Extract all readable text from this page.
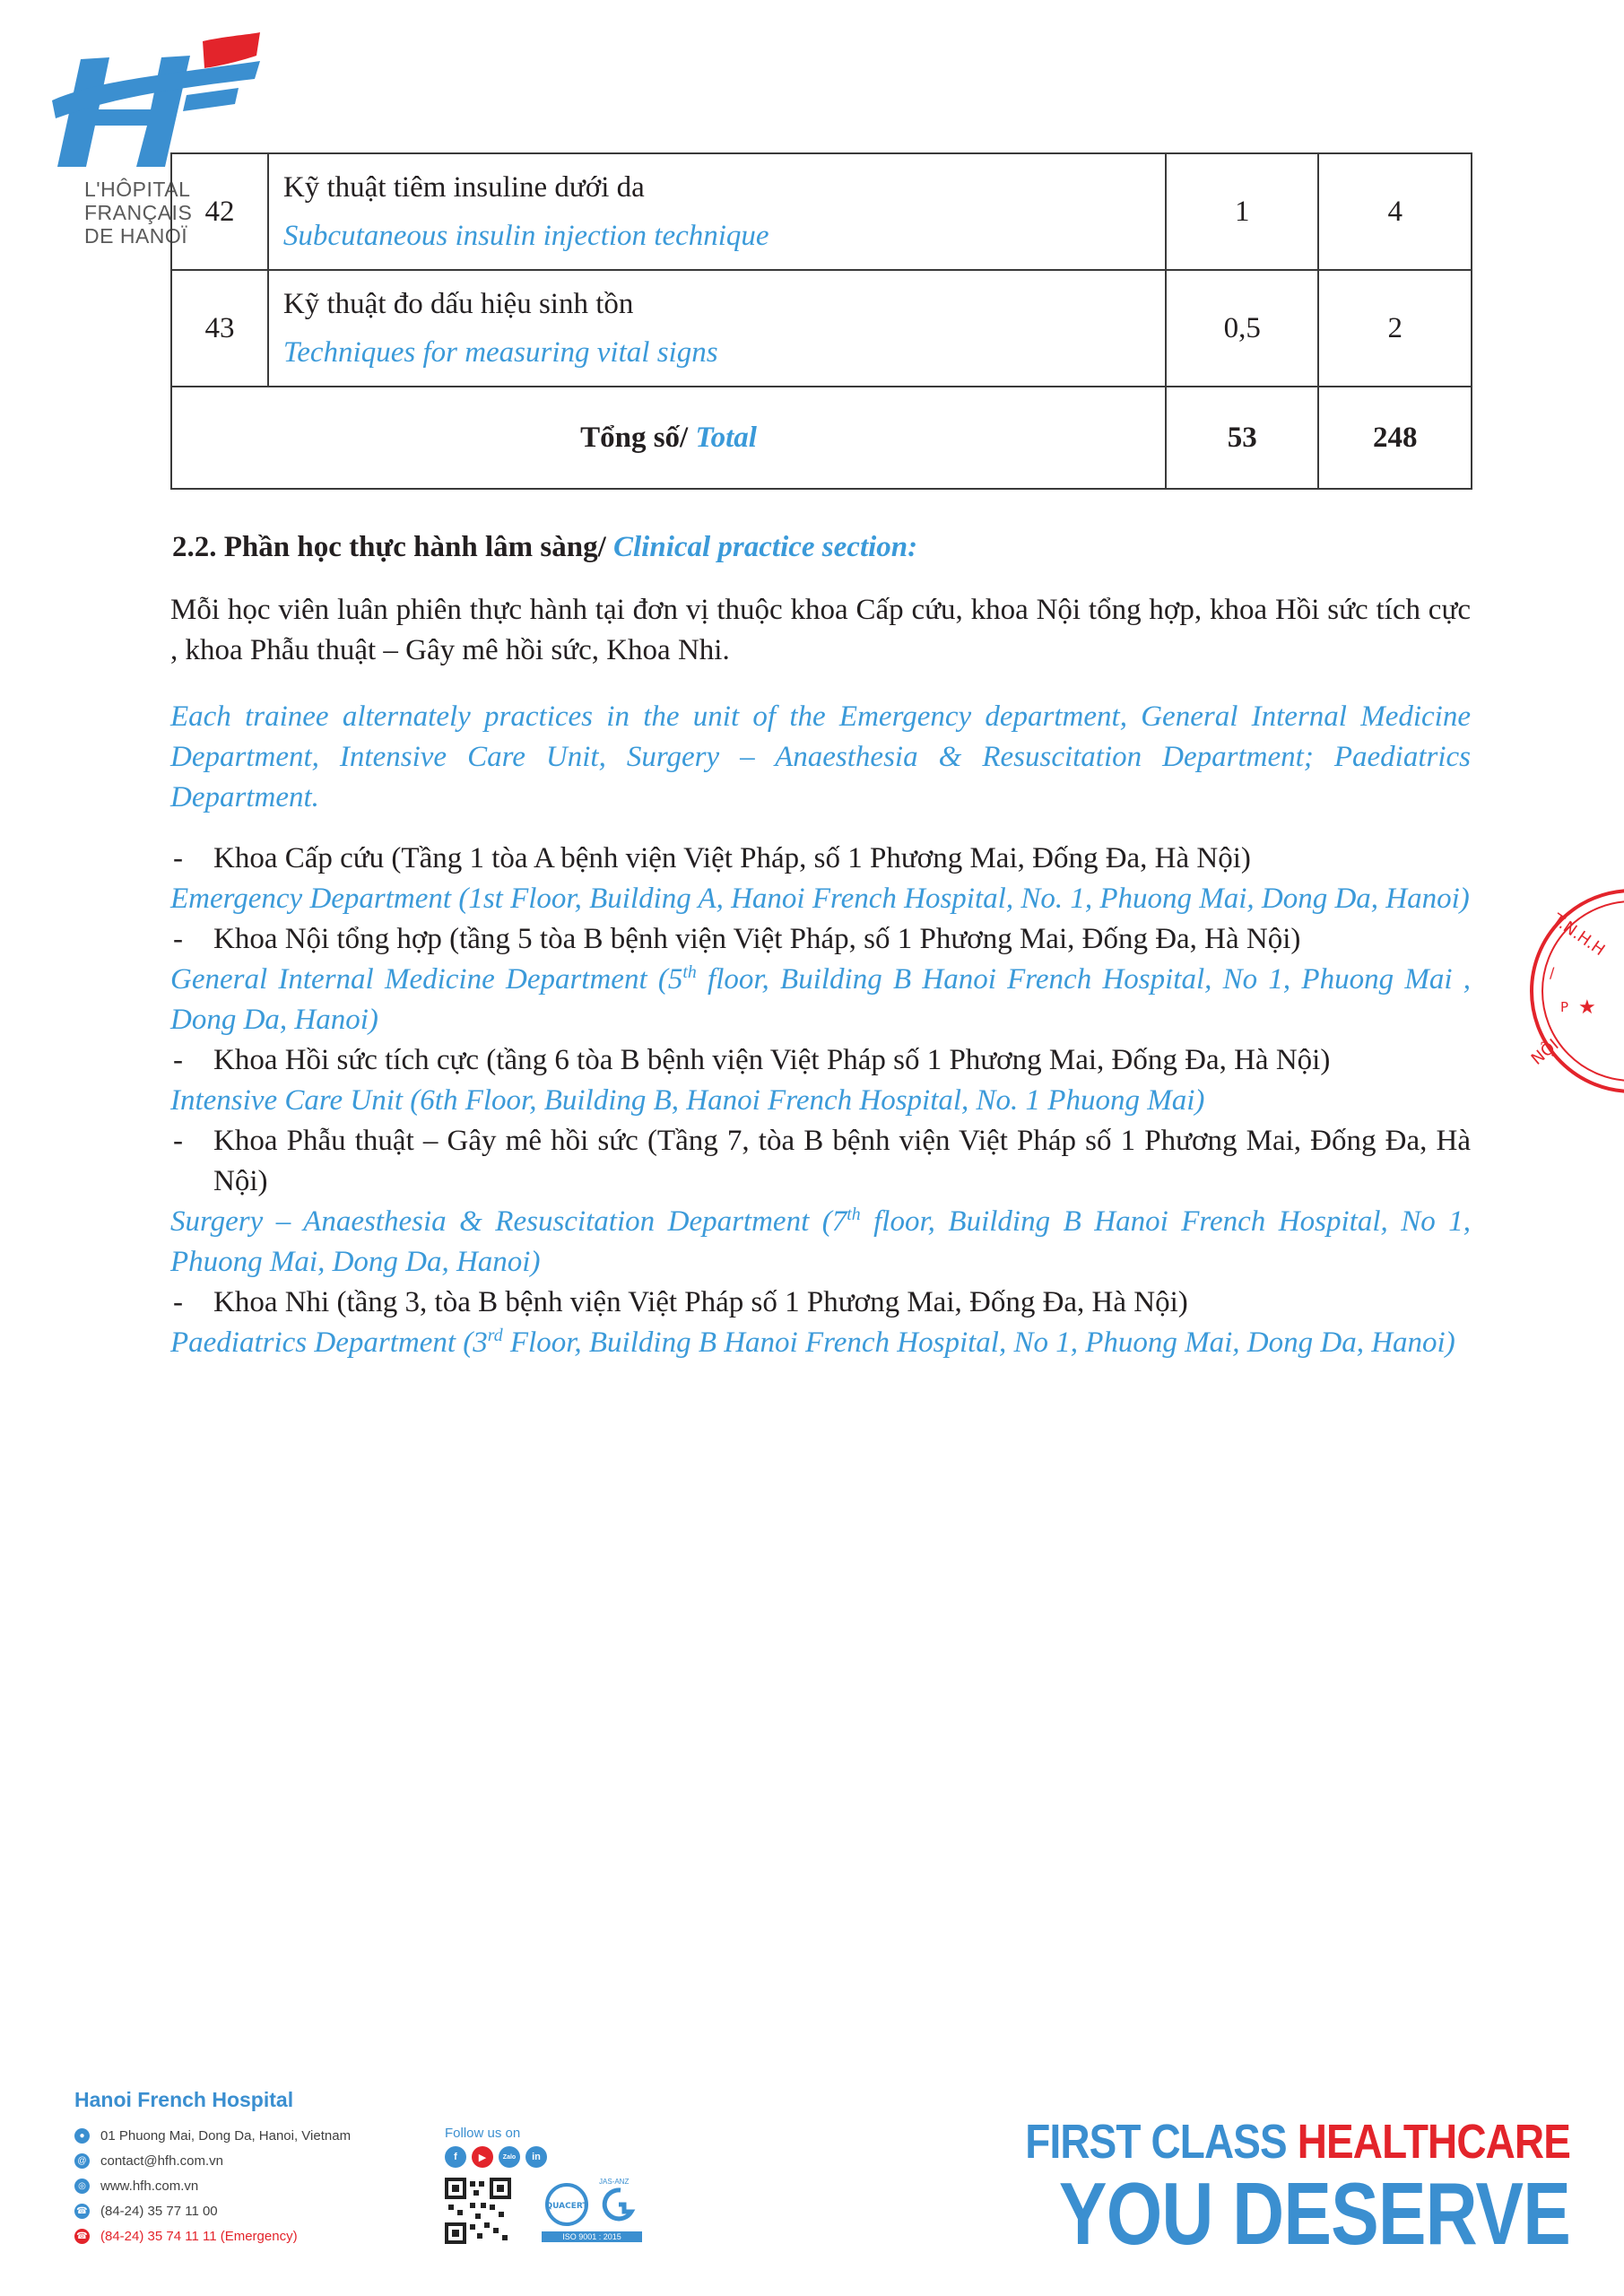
L'HÔPITAL
FRANÇAIS
DE HANOÏ
42	Kỹ thuật tiêm insuline dưới da
Subcutaneous insulin injection technique	1	4
43	Kỹ thuật đo dấu hiệu sinh tồn
Techniques for measuring vital signs	0,5	2
Tổng số/ Total		53	248
2.2. Phần học thực hành lâm sàng/ Clinical practice section:
Mỗi học viên luân phiên thực hành tại đơn vị thuộc khoa Cấp cứu, khoa Nội tổng hợp, khoa Hồi sức tích cực , khoa Phẫu thuật – Gây mê hồi sức, Khoa Nhi.
Each trainee alternately practices in the unit of the Emergency department, General Internal Medicine Department, Intensive Care Unit, Surgery – Anaesthesia & Resuscitation Department; Paediatrics Department.
- Khoa Cấp cứu (Tầng 1 tòa A bệnh viện Việt Pháp, số 1 Phương Mai, Đống Đa, Hà Nội)
Emergency Department (1st Floor, Building A, Hanoi French Hospital, No. 1, Phuong Mai, Dong Da, Hanoi)
- Khoa Nội tổng hợp (tầng 5 tòa B bệnh viện Việt Pháp, số 1 Phương Mai, Đống Đa, Hà Nội)
General Internal Medicine Department (5th floor, Building B Hanoi French Hospital, No 1, Phuong Mai , Dong Da, Hanoi)
- Khoa Hồi sức tích cực (tầng 6 tòa B bệnh viện Việt Pháp số 1 Phương Mai, Đống Đa, Hà Nội)
Intensive Care Unit (6th Floor, Building B, Hanoi French Hospital, No. 1 Phuong Mai)
- Khoa Phẫu thuật – Gây mê hồi sức (Tầng 7, tòa B bệnh viện Việt Pháp số 1 Phương Mai, Đống Đa, Hà Nội)
Surgery – Anaesthesia & Resuscitation Department (7th floor, Building B Hanoi French Hospital, No 1, Phuong Mai, Dong Da, Hanoi)
- Khoa Nhi (tầng 3, tòa B bệnh viện Việt Pháp số 1 Phương Mai, Đống Đa, Hà Nội)
Paediatrics Department (3rd Floor, Building B Hanoi French Hospital, No 1, Phuong Mai, Dong Da, Hanoi)
T.N.H.H
/
P ★
NỘI
Hanoi French Hospital
●	01 Phuong Mai, Dong Da, Hanoi, Vietnam
@ contact@hfh.com.vn
◎ www.hfh.com.vn
☎ (84-24) 35 77 11 00
☎ (84-24) 35 74 11 11 (Emergency)
Follow us on
f	▶	Zalo	in
QUACERT
JAS-ANZ
ISO 9001 : 2015
FIRST CLASS HEALTHCARE
YOU DESERVE
